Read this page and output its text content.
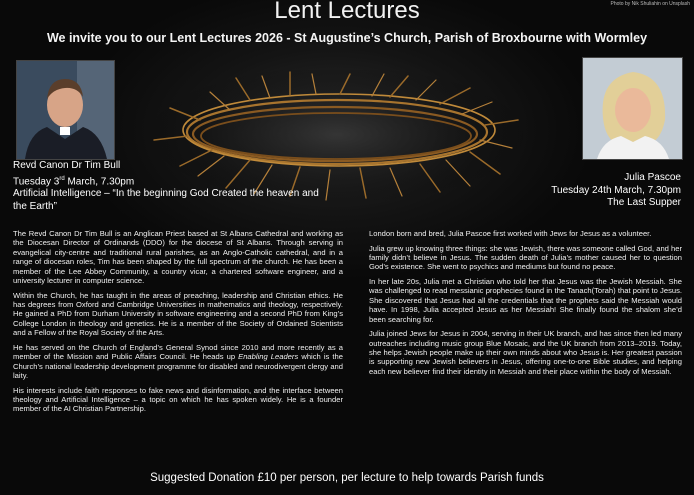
Photo by Nik Shuliahin on Unsplash
Lent Lectures
We invite you to our Lent Lectures 2026 - St Augustine’s Church, Parish of Broxbourne with Wormley
Revd Canon Dr Tim Bull
Tuesday 3rd March, 7.30pm
Artificial Intelligence – “In the beginning God Created the heaven and the Earth”
Julia Pascoe
Tuesday 24th March, 7.30pm
The Last Supper

The Revd Canon Dr Tim Bull is an Anglican Priest based at St Albans Cathedral and working as the Diocesan Director of Ordinands (DDO) for the diocese of St Albans. Through serving in evangelical city-centre and traditional rural parishes, as an Anglo-Catholic cathedral, and in a range of diocesan roles, Tim has been shaped by the full spectrum of the church. He has been a member of the Lee Abbey Community, a country vicar, a chartered software engineer, and a university lecturer in computer science.

Within the Church, he has taught in the areas of preaching, leadership and Christian ethics. He has degrees from Oxford and Cambridge Universities in mathematics and theology, respectively. He gained a PhD from Durham University in software engineering and a second PhD from King’s College London in theology and genetics. He is a member of the Society of Ordained Scientists and a Fellow of the Royal Society of the Arts.

He has served on the Church of England’s General Synod since 2010 and more recently as a member of the Mission and Public Affairs Council. He heads up Enabling Leaders which is the Church’s national leadership development programme for disabled and neurodivergent clergy and laity.

His interests include faith responses to fake news and disinformation, and the interface between theology and Artificial Intelligence – a topic on which he has spoken widely. He is a founder member of the AI Christian Partnership.

London born and bred, Julia Pascoe first worked with Jews for Jesus as a volunteer.

Julia grew up knowing three things: she was Jewish, there was someone called God, and her family didn’t believe in Jesus. The sudden death of Julia’s mother caused her to question God’s existence. She went to psychics and mediums but found no peace.

In her late 20s, Julia met a Christian who told her that Jesus was the Jewish Messiah. She was challenged to read messianic prophecies found in the Tanach(Torah) that point to Jesus. She discovered that Jesus had all the credentials that the prophets said the Messiah would have. In 1998, Julia accepted Jesus as her Messiah! She finally found the shalom she’d been searching for.

Julia joined Jews for Jesus in 2004, serving in their UK branch, and has since then led many outreaches including music group Blue Mosaic, and the UK branch from 2013–2019. Today, she helps Jewish people make up their own minds about who Jesus is. Her greatest passion is supporting new Jewish believers in Jesus, offering one-to-one Bible studies, and helping each new believer find their identity in Messiah and their place within the body of Messiah.

Suggested Donation £10 per person, per lecture to help towards Parish funds
